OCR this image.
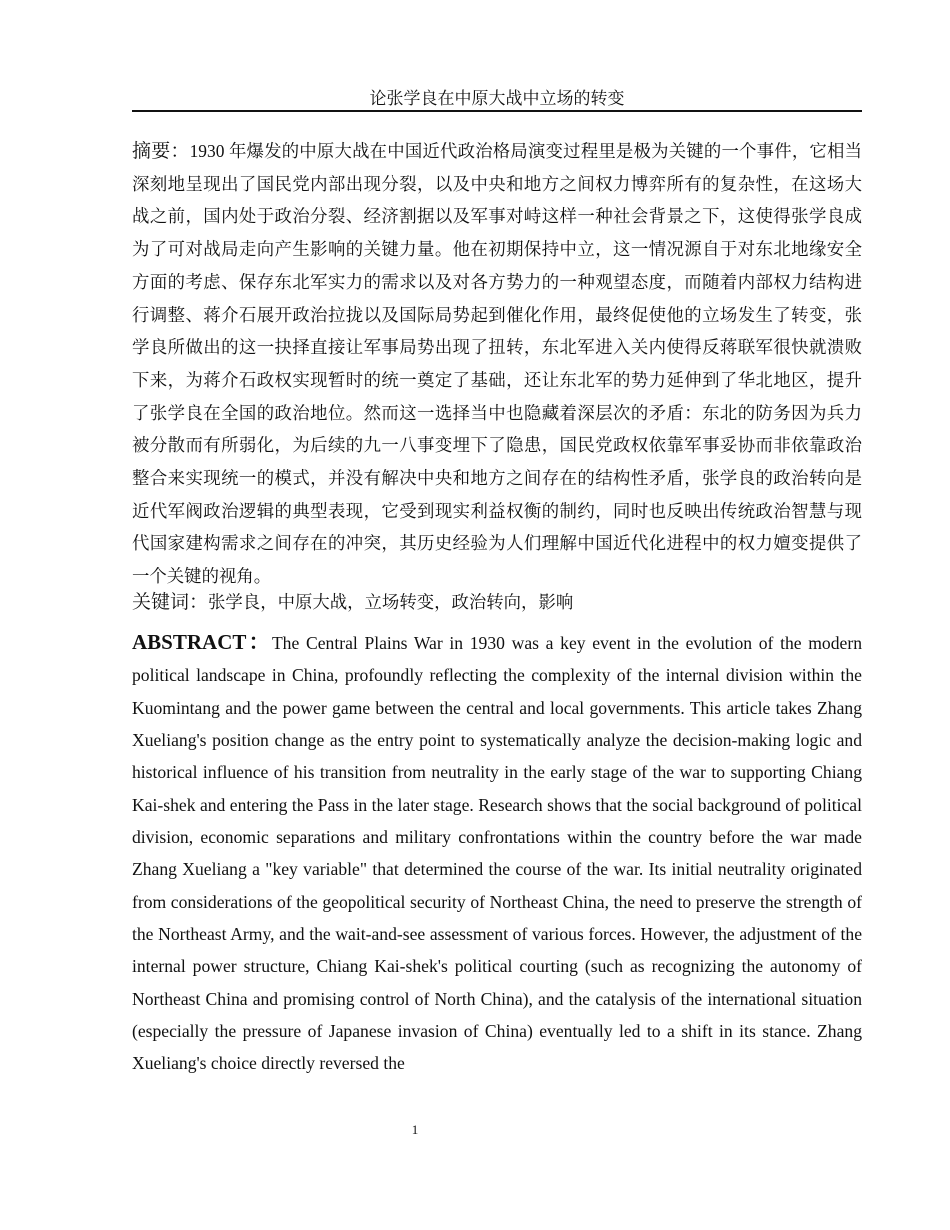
论张学良在中原大战中立场的转变

摘要：1930 年爆发的中原大战在中国近代政治格局演变过程里是极为关键的一个事件，它相当深刻地呈现出了国民党内部出现分裂，以及中央和地方之间权力博弈所有的复杂性，在这场大战之前，国内处于政治分裂、经济割据以及军事对峙这样一种社会背景之下，这使得张学良成为了可对战局走向产生影响的关键力量。他在初期保持中立，这一情况源自于对东北地缘安全方面的考虑、保存东北军实力的需求以及对各方势力的一种观望态度，而随着内部权力结构进行调整、蒋介石展开政治拉拢以及国际局势起到催化作用，最终促使他的立场发生了转变，张学良所做出的这一抉择直接让军事局势出现了扭转，东北军进入关内使得反蒋联军很快就溃败下来，为蒋介石政权实现暂时的统一奠定了基础，还让东北军的势力延伸到了华北地区，提升了张学良在全国的政治地位。然而这一选择当中也隐藏着深层次的矛盾：东北的防务因为兵力被分散而有所弱化，为后续的九一八事变埋下了隐患，国民党政权依靠军事妥协而非依靠政治整合来实现统一的模式，并没有解决中央和地方之间存在的结构性矛盾，张学良的政治转向是近代军阀政治逻辑的典型表现，它受到现实利益权衡的制约，同时也反映出传统政治智慧与现代国家建构需求之间存在的冲突，其历史经验为人们理解中国近代化进程中的权力嬗变提供了一个关键的视角。

关键词：张学良，中原大战，立场转变，政治转向，影响

ABSTRACT：The Central Plains War in 1930 was a key event in the evolution of the modern political landscape in China, profoundly reflecting the complexity of the internal division within the Kuomintang and the power game between the central and local governments. This article takes Zhang Xueliang's position change as the entry point to systematically analyze the decision-making logic and historical influence of his transition from neutrality in the early stage of the war to supporting Chiang Kai-shek and entering the Pass in the later stage. Research shows that the social background of political division, economic separations and military confrontations within the country before the war made Zhang Xueliang a "key variable" that determined the course of the war. Its initial neutrality originated from considerations of the geopolitical security of Northeast China, the need to preserve the strength of the Northeast Army, and the wait-and-see assessment of various forces. However, the adjustment of the internal power structure, Chiang Kai-shek's political courting (such as recognizing the autonomy of Northeast China and promising control of North China), and the catalysis of the international situation (especially the pressure of Japanese invasion of China) eventually led to a shift in its stance. Zhang Xueliang's choice directly reversed the

1
